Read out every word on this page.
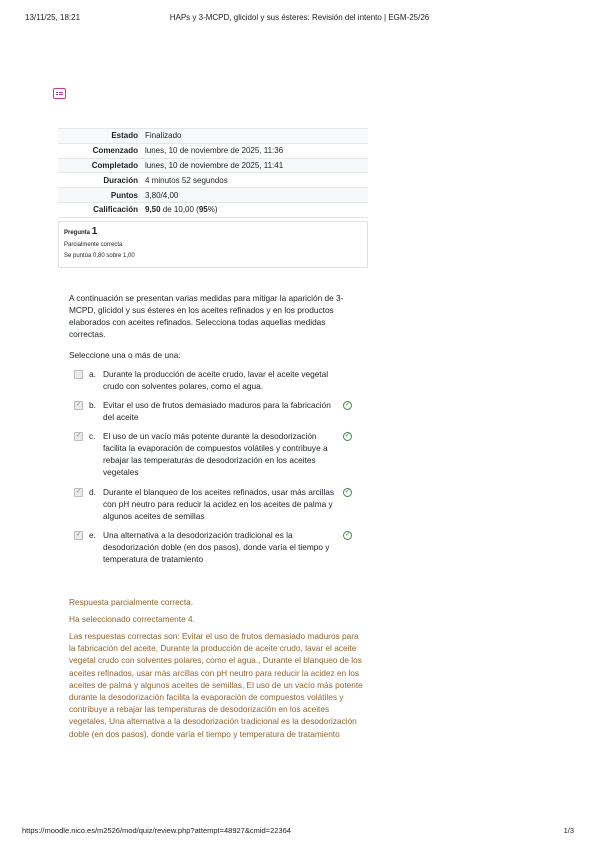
13/11/25, 18:21	HAPs y 3-MCPD, glicidol y sus ésteres: Revisión del intento | EGM-25/26
Estado Finalizado
Comenzado lunes, 10 de noviembre de 2025, 11:36
Completado lunes, 10 de noviembre de 2025, 11:41
Duración 4 minutos 52 segundos
Puntos 3,80/4,00
Calificación 9,50 de 10,00 (95%)
Pregunta 1
Parcialmente correcta
Se puntúa 0,80 sobre 1,00
A continuación se presentan varias medidas para mitigar la aparición de 3-MCPD, glicidol y sus ésteres en los aceites refinados y en los productos elaborados con aceites refinados. Selecciona todas aquellas medidas correctas.
Seleccione una o más de una:
a. Durante la producción de aceite crudo, lavar el aceite vegetal crudo con solventes polares, como el agua.
✓ b. Evitar el uso de frutos demasiado maduros para la fabricación del aceite
✓
✓ c. El uso de un vacío más potente durante la desodorización facilita la evaporación de compuestos volátiles y contribuye a rebajar las temperaturas de desodorización en los aceites vegetales
✓
✓ d. Durante el blanqueo de los aceites refinados, usar más arcillas con pH neutro para reducir la acidez en los aceites de palma y algunos aceites de semillas
✓
✓ e. Una alternativa a la desodorización tradicional es la desodorización doble (en dos pasos), donde varía el tiempo y temperatura de tratamiento
✓
Respuesta parcialmente correcta.
Ha seleccionado correctamente 4.
Las respuestas correctas son: Evitar el uso de frutos demasiado maduros para la fabricación del aceite, Durante la producción de aceite crudo, lavar el aceite vegetal crudo con solventes polares, como el agua., Durante el blanqueo de los aceites refinados, usar más arcillas con pH neutro para reducir la acidez en los aceites de palma y algunos aceites de semillas, El uso de un vacío más potente durante la desodorización facilita la evaporación de compuestos volátiles y contribuye a rebajar las temperaturas de desodorización en los aceites vegetales, Una alternativa a la desodorización tradicional es la desodorización doble (en dos pasos), donde varía el tiempo y temperatura de tratamiento
https://moodle.nico.es/m2526/mod/quiz/review.php?attempt=48927&cmid=22364	1/3
